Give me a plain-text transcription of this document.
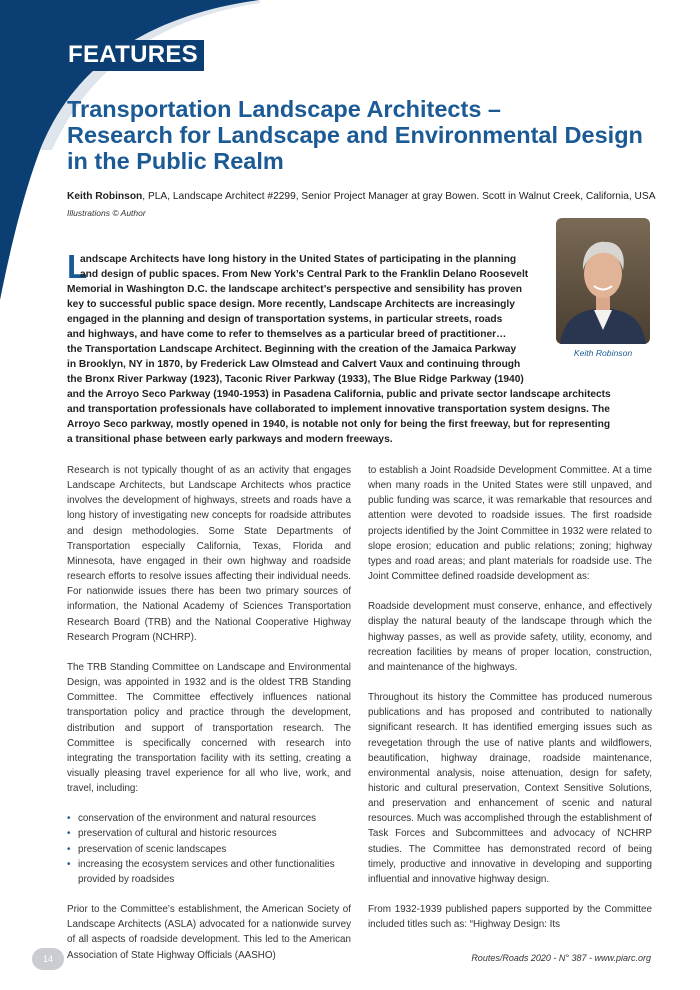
FEATURES
Transportation Landscape Architects –
Research for Landscape and Environmental Design
in the Public Realm
Keith Robinson, PLA, Landscape Architect #2299, Senior Project Manager at gray Bowen. Scott in Walnut Creek, California, USA
Illustrations © Author
Keith Robinson
L
andscape Architects have long history in the United States of participating in the planning
and design of public spaces. From New York’s Central Park to the Franklin Delano Roosevelt
Memorial in Washington D.C. the landscape architect’s perspective and sensibility has proven
key to successful public space design. More recently, Landscape Architects are increasingly
engaged in the planning and design of transportation systems, in particular streets, roads
and highways, and have come to refer to themselves as a particular breed of practitioner…
the Transportation Landscape Architect. Beginning with the creation of the Jamaica Parkway
in Brooklyn, NY in 1870, by Frederick Law Olmstead and Calvert Vaux and continuing through
the Bronx River Parkway (1923), Taconic River Parkway (1933), The Blue Ridge Parkway (1940)
and the Arroyo Seco Parkway (1940-1953) in Pasadena California, public and private sector landscape architects
and transportation professionals have collaborated to implement innovative transportation system designs. The
Arroyo Seco parkway, mostly opened in 1940, is notable not only for being the first freeway, but for representing
a transitional phase between early parkways and modern freeways.

Research is not typically thought of as an activity that engages Landscape Architects, but Landscape Architects whos practice involves the development of highways, streets and roads have a long history of investigating new concepts for roadside attributes and design methodologies. Some State Departments of Transportation especially California, Texas, Florida and Minnesota, have engaged in their own highway and roadside research efforts to resolve issues affecting their individual needs. For nationwide issues there has been two primary sources of information, the National Academy of Sciences Transportation Research Board (TRB) and the National Cooperative Highway Research Program (NCHRP).

The TRB Standing Committee on Landscape and Environmental Design, was appointed in 1932 and is the oldest TRB Standing Committee. The Committee effectively influences national transportation policy and practice through the development, distribution and support of transportation research. The Committee is specifically concerned with research into integrating the transportation facility with its setting, creating a visually pleasing travel experience for all who live, work, and travel, including:

• conservation of the environment and natural resources
• preservation of cultural and historic resources
• preservation of scenic landscapes
• increasing the ecosystem services and other functionalities provided by roadsides

Prior to the Committee’s establishment, the American Society of Landscape Architects (ASLA) advocated for a nationwide survey of all aspects of roadside development. This led to the American Association of State Highway Officials (AASHO)

to establish a Joint Roadside Development Committee. At a time when many roads in the United States were still unpaved, and public funding was scarce, it was remarkable that resources and attention were devoted to roadside issues. The first roadside projects identified by the Joint Committee in 1932 were related to slope erosion; education and public relations; zoning; highway types and road areas; and plant materials for roadside use. The Joint Committee defined roadside development as:

Roadside development must conserve, enhance, and effectively display the natural beauty of the landscape through which the highway passes, as well as provide safety, utility, economy, and recreation facilities by means of proper location, construction, and maintenance of the highways.

Throughout its history the Committee has produced numerous publications and has proposed and contributed to nationally significant research. It has identified emerging issues such as revegetation through the use of native plants and wildflowers, beautification, highway drainage, roadside maintenance, environmental analysis, noise attenuation, design for safety, historic and cultural preservation, Context Sensitive Solutions, and preservation and enhancement of scenic and natural resources. Much was accomplished through the establishment of Task Forces and Subcommittees and advocacy of NCHRP studies. The Committee has demonstrated record of being timely, productive and innovative in developing and supporting influential and innovative highway design.

From 1932-1939 published papers supported by the Committee included titles such as: “Highway Design: Its

14	Routes/Roads 2020 - N° 387 - www.piarc.org
